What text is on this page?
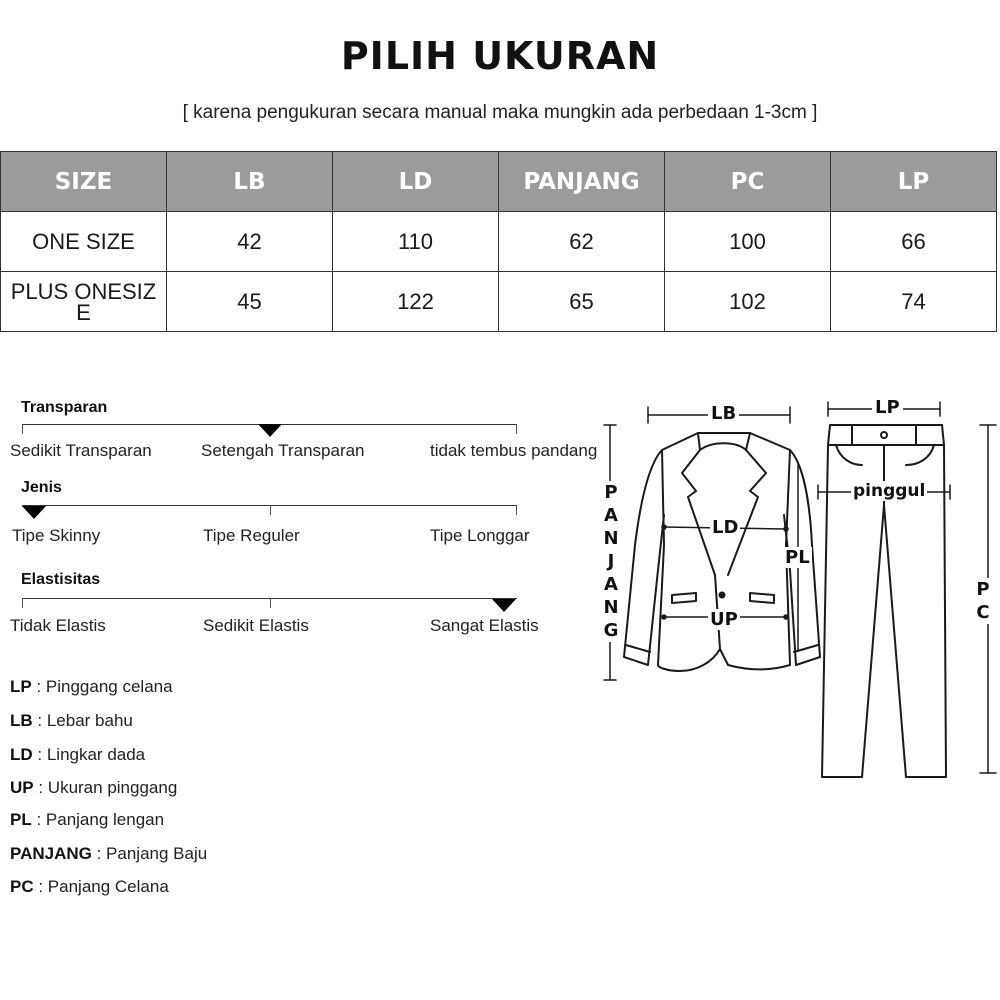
PILIH UKURAN
[ karena pengukuran secara manual maka mungkin ada perbedaan 1-3cm ]
SIZE	LB	LD	PANJANG	PC	LP
ONE SIZE	42	110	62	100	66
PLUS ONESIZE	45	122	65	102	74
Transparan
Sedikit Transparan	Setengah Transparan	tidak tembus pandang
Jenis
Tipe Skinny	Tipe Reguler	Tipe Longgar
Elastisitas
Tidak Elastis	Sedikit Elastis	Sangat Elastis
LP : Pinggang celana
LB : Lebar bahu
LD : Lingkar dada
UP : Ukuran pinggang
PL : Panjang lengan
PANJANG : Panjang Baju
PC : Panjang Celana
LB
LD
UP
PL
P
A
N
J
A
N
G
LP
pinggul
P
C
